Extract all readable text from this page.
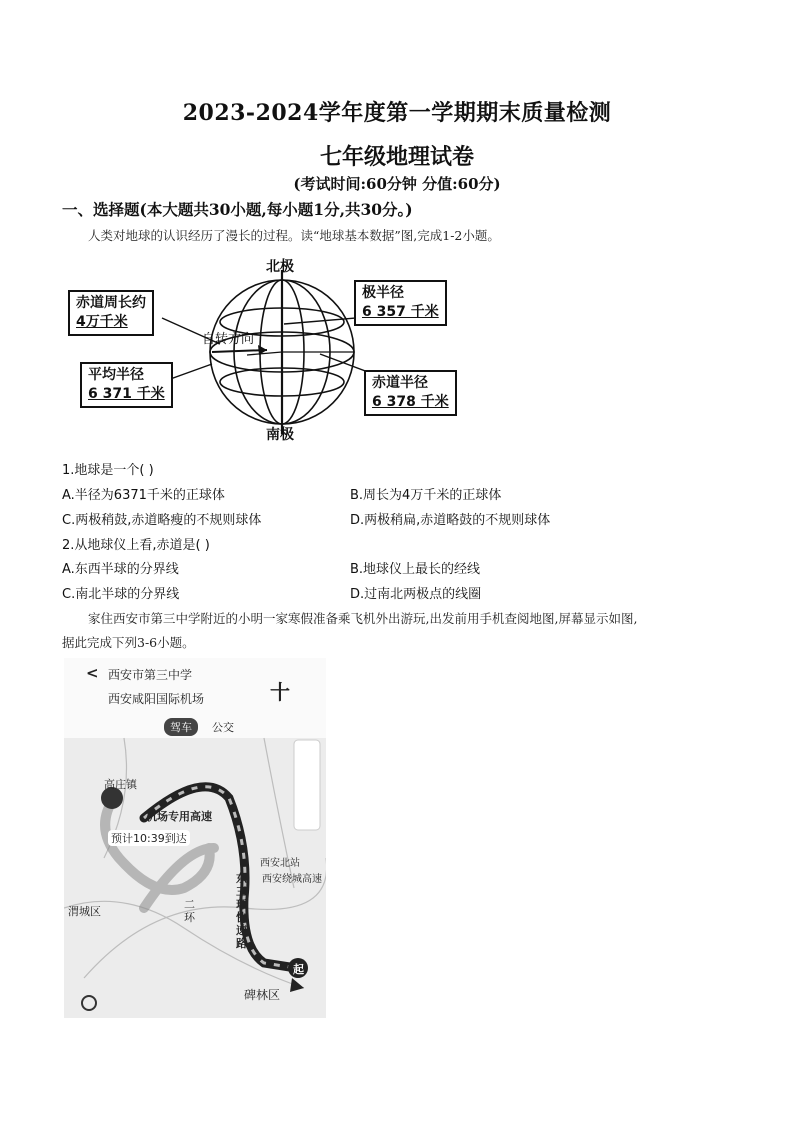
2023-2024学年度第一学期期末质量检测
七年级地理试卷
(考试时间:60分钟 分值:60分)
一、选择题(本大题共30小题,每小题1分,共30分。)
人类对地球的认识经历了漫长的过程。读“地球基本数据”图,完成1-2小题。
北极
南极
自转方向
赤道周长约
4万千米
极半径
6 357 千米
平均半径
6 371 千米
赤道半径
6 378 千米
1.地球是一个( )
A.半径为6371千米的正球体	B.周长为4万千米的正球体
C.两极稍鼓,赤道略瘦的不规则球体	D.两极稍扁,赤道略鼓的不规则球体
2.从地球仪上看,赤道是( )
A.东西半球的分界线	B.地球仪上最长的经线
C.南北半球的分界线	D.过南北两极点的线圈
家住西安市第三中学附近的小明一家寒假准备乘飞机外出游玩,出发前用手机查阅地图,屏幕显示如图,
据此完成下列3-6小题。
< 西安市第三中学
西安咸阳国际机场	十
驾车	公交
高庄镇
机场专用高速
预计10:39到达
渭城区
西安北站
西安绕城高速
东三环快速路
二环
碑林区
起
